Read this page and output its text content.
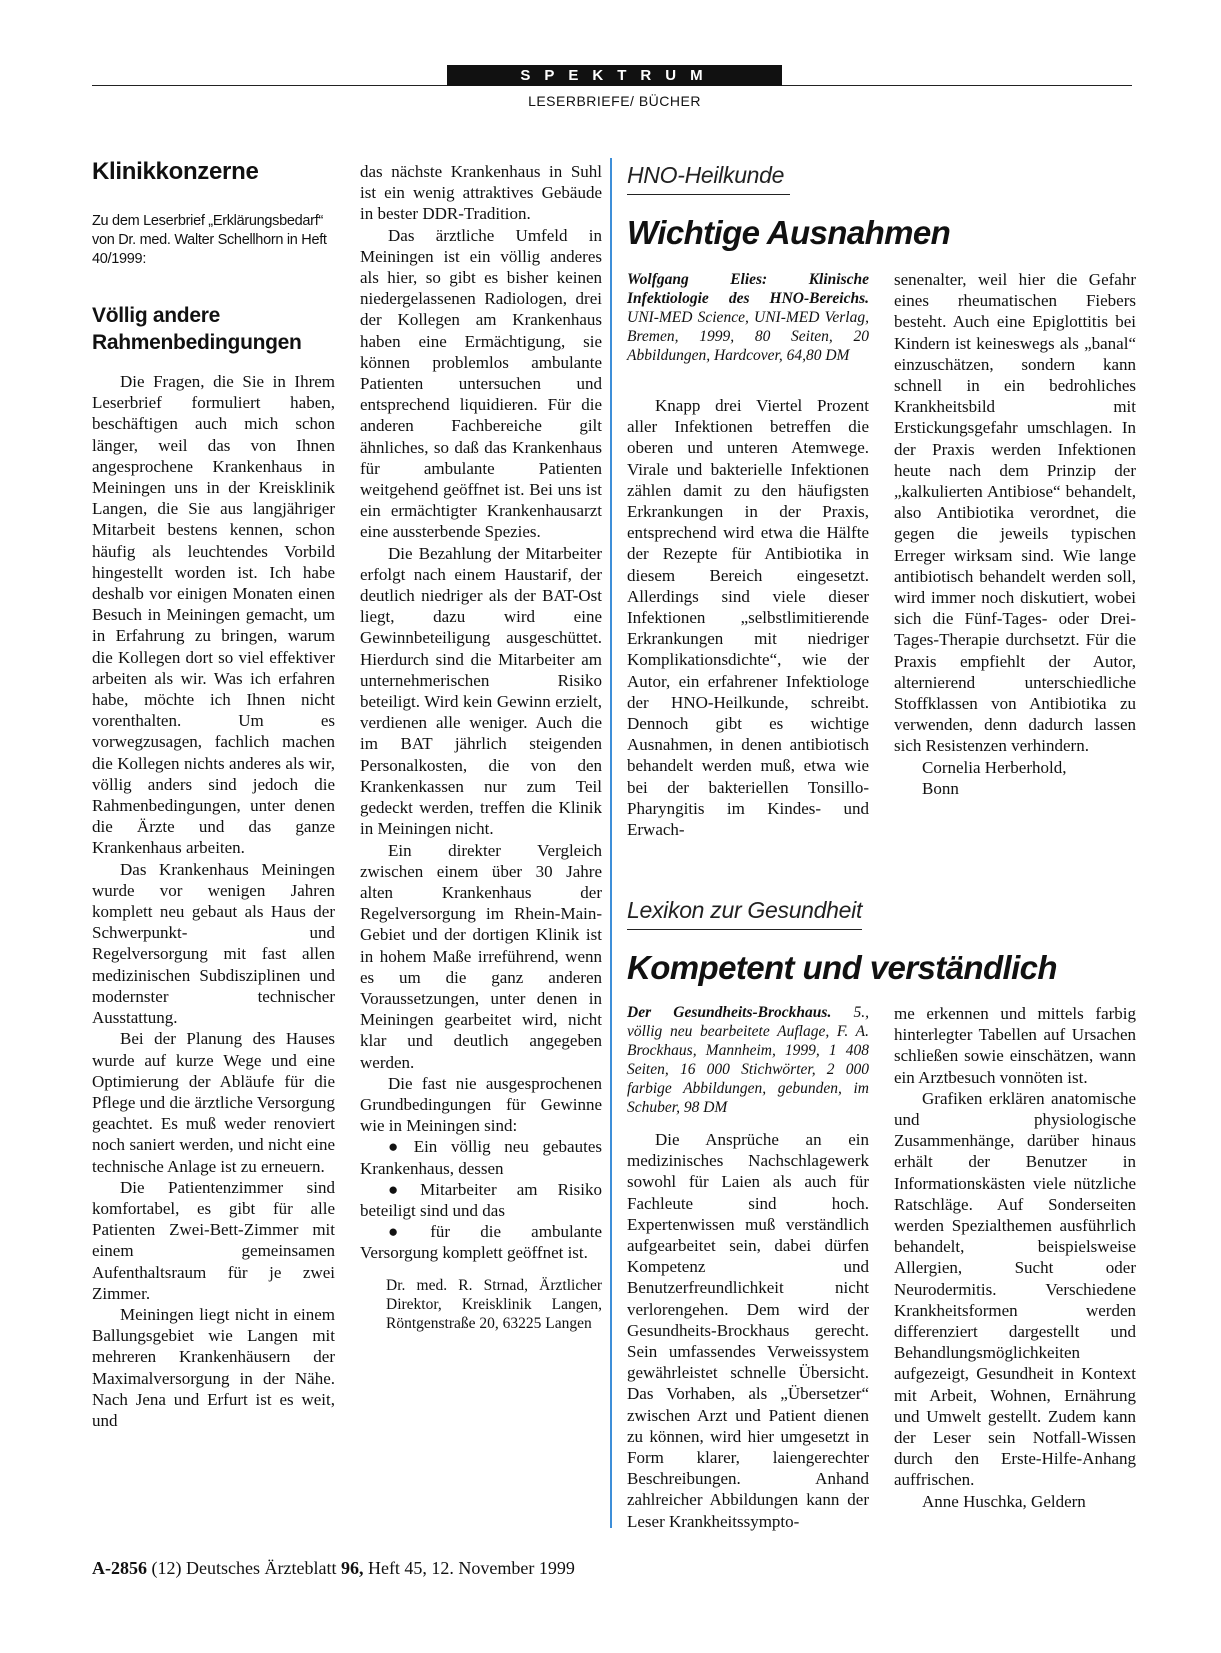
SPEKTRUM
LESERBRIEFE/ BÜCHER
Klinikkonzerne
Zu dem Leserbrief „Erklärungsbedarf“ von Dr. med. Walter Schellhorn in Heft 40/1999:
Völlig andere Rahmenbedingungen

Die Fragen, die Sie in Ihrem Leserbrief formuliert haben, beschäftigen auch mich schon länger, weil das von Ihnen angesprochene Krankenhaus in Meiningen uns in der Kreisklinik Langen, die Sie aus langjähriger Mitarbeit bestens kennen, schon häufig als leuchtendes Vorbild hingestellt worden ist. Ich habe deshalb vor einigen Monaten einen Besuch in Meiningen gemacht, um in Erfahrung zu bringen, warum die Kollegen dort so viel effektiver arbeiten als wir. Was ich erfahren habe, möchte ich Ihnen nicht vorenthalten. Um es vorwegzusagen, fachlich machen die Kollegen nichts anderes als wir, völlig anders sind jedoch die Rahmenbedingungen, unter denen die Ärzte und das ganze Krankenhaus arbeiten.

Das Krankenhaus Meiningen wurde vor wenigen Jahren komplett neu gebaut als Haus der Schwerpunkt- und Regelversorgung mit fast allen medizinischen Subdisziplinen und modernster technischer Ausstattung.

Bei der Planung des Hauses wurde auf kurze Wege und eine Optimierung der Abläufe für die Pflege und die ärztliche Versorgung geachtet. Es muß weder renoviert noch saniert werden, und nicht eine technische Anlage ist zu erneuern.

Die Patientenzimmer sind komfortabel, es gibt für alle Patienten Zwei-Bett-Zimmer mit einem gemeinsamen Aufenthaltsraum für je zwei Zimmer.

Meiningen liegt nicht in einem Ballungsgebiet wie Langen mit mehreren Krankenhäusern der Maximalversorgung in der Nähe. Nach Jena und Erfurt ist es weit, und

das nächste Krankenhaus in Suhl ist ein wenig attraktives Gebäude in bester DDR-Tradition.

Das ärztliche Umfeld in Meiningen ist ein völlig anderes als hier, so gibt es bisher keinen niedergelassenen Radiologen, drei der Kollegen am Krankenhaus haben eine Ermächtigung, sie können problemlos ambulante Patienten untersuchen und entsprechend liquidieren. Für die anderen Fachbereiche gilt ähnliches, so daß das Krankenhaus für ambulante Patienten weitgehend geöffnet ist. Bei uns ist ein ermächtigter Krankenhausarzt eine aussterbende Spezies.

Die Bezahlung der Mitarbeiter erfolgt nach einem Haustarif, der deutlich niedriger als der BAT-Ost liegt, dazu wird eine Gewinnbeteiligung ausgeschüttet. Hierdurch sind die Mitarbeiter am unternehmerischen Risiko beteiligt. Wird kein Gewinn erzielt, verdienen alle weniger. Auch die im BAT jährlich steigenden Personalkosten, die von den Krankenkassen nur zum Teil gedeckt werden, treffen die Klinik in Meiningen nicht.

Ein direkter Vergleich zwischen einem über 30 Jahre alten Krankenhaus der Regelversorgung im Rhein-Main-Gebiet und der dortigen Klinik ist in hohem Maße irreführend, wenn es um die ganz anderen Voraussetzungen, unter denen in Meiningen gearbeitet wird, nicht klar und deutlich angegeben werden.

Die fast nie ausgesprochenen Grundbedingungen für Gewinne wie in Meiningen sind:

● Ein völlig neu gebautes Krankenhaus, dessen

● Mitarbeiter am Risiko beteiligt sind und das

● für die ambulante Versorgung komplett geöffnet ist.

Dr. med. R. Strnad, Ärztlicher Direktor, Kreisklinik Langen, Röntgenstraße 20, 63225 Langen
HNO-Heilkunde
Wichtige Ausnahmen
Wolfgang Elies: Klinische Infektiologie des HNO-Bereichs. UNI-MED Science, UNI-MED Verlag, Bremen, 1999, 80 Seiten, 20 Abbildungen, Hardcover, 64,80 DM

Knapp drei Viertel Prozent aller Infektionen betreffen die oberen und unteren Atemwege. Virale und bakterielle Infektionen zählen damit zu den häufigsten Erkrankungen in der Praxis, entsprechend wird etwa die Hälfte der Rezepte für Antibiotika in diesem Bereich eingesetzt. Allerdings sind viele dieser Infektionen „selbstlimitierende Erkrankungen mit niedriger Komplikationsdichte“, wie der Autor, ein erfahrener Infektiologe der HNO-Heilkunde, schreibt. Dennoch gibt es wichtige Ausnahmen, in denen antibiotisch behandelt werden muß, etwa wie bei der bakteriellen Tonsillo-Pharyngitis im Kindes- und Erwach-

senenalter, weil hier die Gefahr eines rheumatischen Fiebers besteht. Auch eine Epiglottitis bei Kindern ist keineswegs als „banal“ einzuschätzen, sondern kann schnell in ein bedrohliches Krankheitsbild mit Erstickungsgefahr umschlagen. In der Praxis werden Infektionen heute nach dem Prinzip der „kalkulierten Antibiose“ behandelt, also Antibiotika verordnet, die gegen die jeweils typischen Erreger wirksam sind. Wie lange antibiotisch behandelt werden soll, wird immer noch diskutiert, wobei sich die Fünf-Tages- oder Drei-Tages-Therapie durchsetzt. Für die Praxis empfiehlt der Autor, alternierend unterschiedliche Stoffklassen von Antibiotika zu verwenden, denn dadurch lassen sich Resistenzen verhindern.

Cornelia Herberhold,

Bonn

Lexikon zur Gesundheit
Kompetent und verständlich
Der Gesundheits-Brockhaus. 5., völlig neu bearbeitete Auflage, F. A. Brockhaus, Mannheim, 1999, 1 408 Seiten, 16 000 Stichwörter, 2 000 farbige Abbildungen, gebunden, im Schuber, 98 DM

Die Ansprüche an ein medizinisches Nachschlagewerk sowohl für Laien als auch für Fachleute sind hoch. Expertenwissen muß verständlich aufgearbeitet sein, dabei dürfen Kompetenz und Benutzerfreundlichkeit nicht verlorengehen. Dem wird der Gesundheits-Brockhaus gerecht. Sein umfassendes Verweissystem gewährleistet schnelle Übersicht. Das Vorhaben, als „Übersetzer“ zwischen Arzt und Patient dienen zu können, wird hier umgesetzt in Form klarer, laiengerechter Beschreibungen. Anhand zahlreicher Abbildungen kann der Leser Krankheitssympto-

me erkennen und mittels farbig hinterlegter Tabellen auf Ursachen schließen sowie einschätzen, wann ein Arztbesuch vonnöten ist.

Grafiken erklären anatomische und physiologische Zusammenhänge, darüber hinaus erhält der Benutzer in Informationskästen viele nützliche Ratschläge. Auf Sonderseiten werden Spezialthemen ausführlich behandelt, beispielsweise Allergien, Sucht oder Neurodermitis. Verschiedene Krankheitsformen werden differenziert dargestellt und Behandlungsmöglichkeiten aufgezeigt, Gesundheit in Kontext mit Arbeit, Wohnen, Ernährung und Umwelt gestellt. Zudem kann der Leser sein Notfall-Wissen durch den Erste-Hilfe-Anhang auffrischen.

Anne Huschka, Geldern

A-2856 (12) Deutsches Ärzteblatt 96, Heft 45, 12. November 1999
